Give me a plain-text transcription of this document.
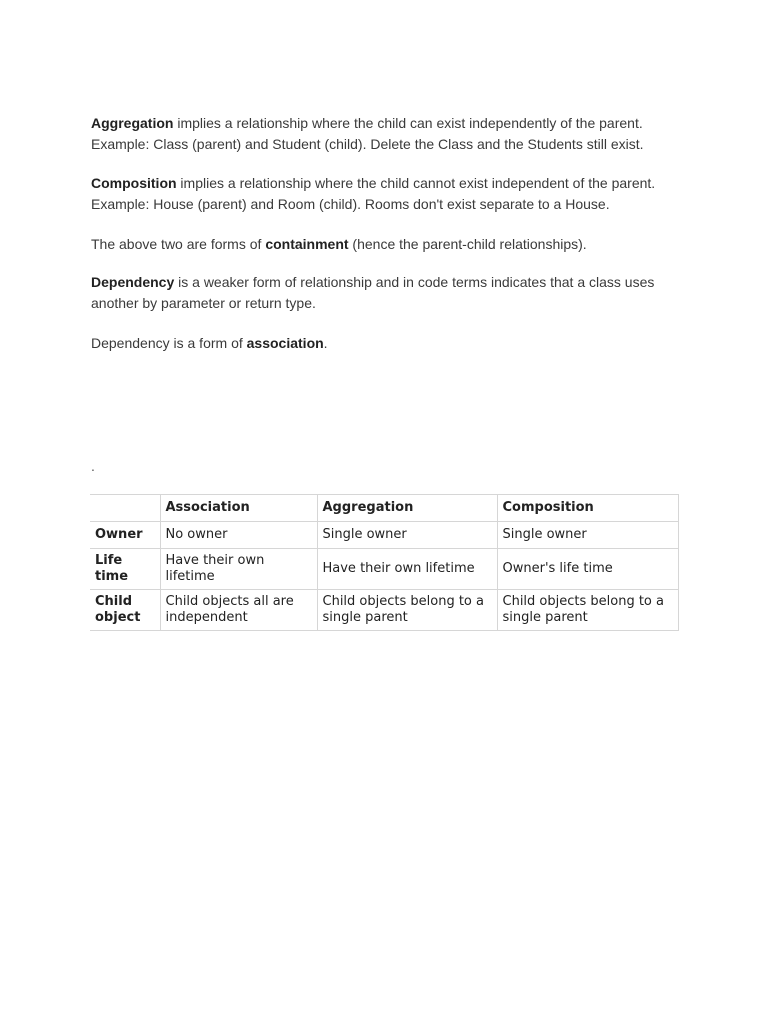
Aggregation implies a relationship where the child can exist independently of the parent.
Example: Class (parent) and Student (child). Delete the Class and the Students still exist.

Composition implies a relationship where the child cannot exist independent of the parent.
Example: House (parent) and Room (child). Rooms don't exist separate to a House.

The above two are forms of containment (hence the parent-child relationships).

Dependency is a weaker form of relationship and in code terms indicates that a class uses
another by parameter or return type.

Dependency is a form of association.

.
	Association	Aggregation	Composition
Owner	No owner	Single owner	Single owner
Life
time	Have their own
lifetime	Have their own lifetime	Owner's life time
Child
object	Child objects all are
independent	Child objects belong to a
single parent	Child objects belong to a
single parent
